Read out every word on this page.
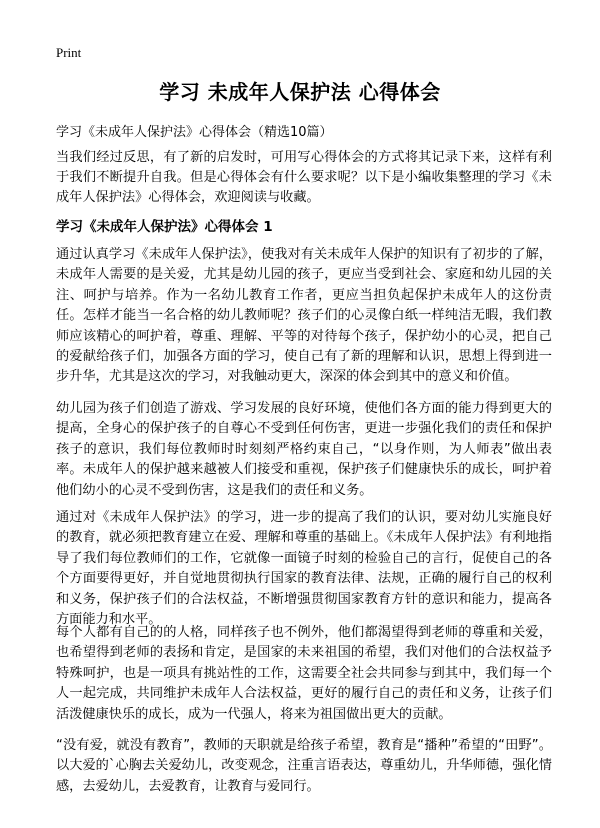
Print
学习 未成年人保护法 心得体会

学习《未成年人保护法》心得体会（精选10篇）

当我们经过反思，有了新的启发时，可用写心得体会的方式将其记录下来，这样有利于我们不断提升自我。但是心得体会有什么要求呢？以下是小编收集整理的学习《未成年人保护法》心得体会，欢迎阅读与收藏。

学习《未成年人保护法》心得体会 1

通过认真学习《未成年人保护法》，使我对有关未成年人保护的知识有了初步的了解，未成年人需要的是关爱，尤其是幼儿园的孩子，更应当受到社会、家庭和幼儿园的关注、呵护与培养。作为一名幼儿教育工作者，更应当担负起保护未成年人的这份责任。怎样才能当一名合格的幼儿教师呢？孩子们的心灵像白纸一样纯洁无暇，我们教师应该精心的呵护着，尊重、理解、平等的对待每个孩子，保护幼小的心灵，把自己的爱献给孩子们，加强各方面的学习，使自己有了新的理解和认识，思想上得到进一步升华，尤其是这次的学习，对我触动更大，深深的体会到其中的意义和价值。

幼儿园为孩子们创造了游戏、学习发展的良好环境，使他们各方面的能力得到更大的提高，全身心的保护孩子的自尊心不受到任何伤害，更进一步强化我们的责任和保护孩子的意识，我们每位教师时时刻刻严格约束自己，“以身作则，为人师表”做出表率。未成年人的保护越来越被人们接受和重视，保护孩子们健康快乐的成长，呵护着他们幼小的心灵不受到伤害，这是我们的责任和义务。

通过对《未成年人保护法》的学习，进一步的提高了我们的认识，要对幼儿实施良好的教育，就必须把教育建立在爱、理解和尊重的基础上。《未成年人保护法》有利地指导了我们每位教师们的工作，它就像一面镜子时刻的检验自己的言行，促使自己的各个方面要得更好，并自觉地贯彻执行国家的教育法律、法规，正确的履行自己的权利和义务，保护孩子们的合法权益，不断增强贯彻国家教育方针的意识和能力，提高各方面能力和水平。

每个人都有自己的的人格，同样孩子也不例外，他们都渴望得到老师的尊重和关爱，也希望得到老师的表扬和肯定，是国家的未来祖国的希望，我们对他们的合法权益予特殊呵护，也是一项具有挑站性的工作，这需要全社会共同参与到其中，我们每一个人一起完成，共同维护未成年人合法权益，更好的履行自己的责任和义务，让孩子们活泼健康快乐的成长，成为一代强人，将来为祖国做出更大的贡献。

“没有爱，就没有教育”，教师的天职就是给孩子希望，教育是“播种”希望的“田野”。以大爱的`心胸去关爱幼儿，改变观念，注重言语表达，尊重幼儿，升华师德，强化情感，去爱幼儿，去爱教育，让教育与爱同行。
